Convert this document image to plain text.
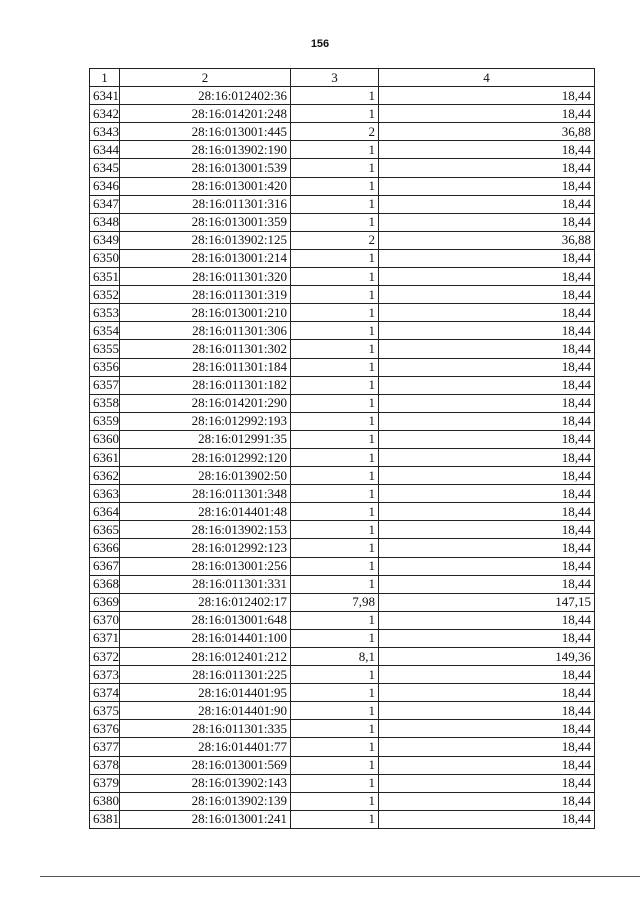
156
1	2	3	4
6341	28:16:012402:36	1	18,44
6342	28:16:014201:248	1	18,44
6343	28:16:013001:445	2	36,88
6344	28:16:013902:190	1	18,44
6345	28:16:013001:539	1	18,44
6346	28:16:013001:420	1	18,44
6347	28:16:011301:316	1	18,44
6348	28:16:013001:359	1	18,44
6349	28:16:013902:125	2	36,88
6350	28:16:013001:214	1	18,44
6351	28:16:011301:320	1	18,44
6352	28:16:011301:319	1	18,44
6353	28:16:013001:210	1	18,44
6354	28:16:011301:306	1	18,44
6355	28:16:011301:302	1	18,44
6356	28:16:011301:184	1	18,44
6357	28:16:011301:182	1	18,44
6358	28:16:014201:290	1	18,44
6359	28:16:012992:193	1	18,44
6360	28:16:012991:35	1	18,44
6361	28:16:012992:120	1	18,44
6362	28:16:013902:50	1	18,44
6363	28:16:011301:348	1	18,44
6364	28:16:014401:48	1	18,44
6365	28:16:013902:153	1	18,44
6366	28:16:012992:123	1	18,44
6367	28:16:013001:256	1	18,44
6368	28:16:011301:331	1	18,44
6369	28:16:012402:17	7,98	147,15
6370	28:16:013001:648	1	18,44
6371	28:16:014401:100	1	18,44
6372	28:16:012401:212	8,1	149,36
6373	28:16:011301:225	1	18,44
6374	28:16:014401:95	1	18,44
6375	28:16:014401:90	1	18,44
6376	28:16:011301:335	1	18,44
6377	28:16:014401:77	1	18,44
6378	28:16:013001:569	1	18,44
6379	28:16:013902:143	1	18,44
6380	28:16:013902:139	1	18,44
6381	28:16:013001:241	1	18,44
